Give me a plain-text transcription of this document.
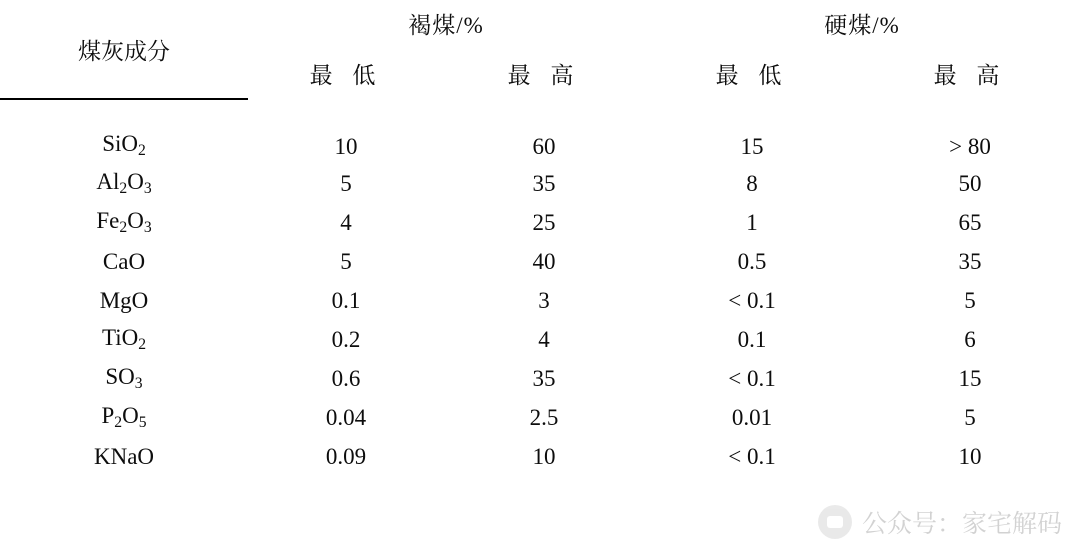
煤灰成分	褐煤/%		硬煤/%	
	最 低	最 高	最 低	最 高
SiO$_2$	10	60	15	> 80
$Al_2O_3$	5	35	8	50
$Fe_2O_3$	4	25	1	65
CaO	5	40	0.5	35
MgO	0.1	3	< 0.1	5
TiO$_2$	0.2	4	0.1	6
$SO_3$	0.6	35	< 0.1	15
$P_2O_5$	0.04	2.5	0.01	5
KNaO	0.09	10	< 0.1	10
公众号：家宅解码
